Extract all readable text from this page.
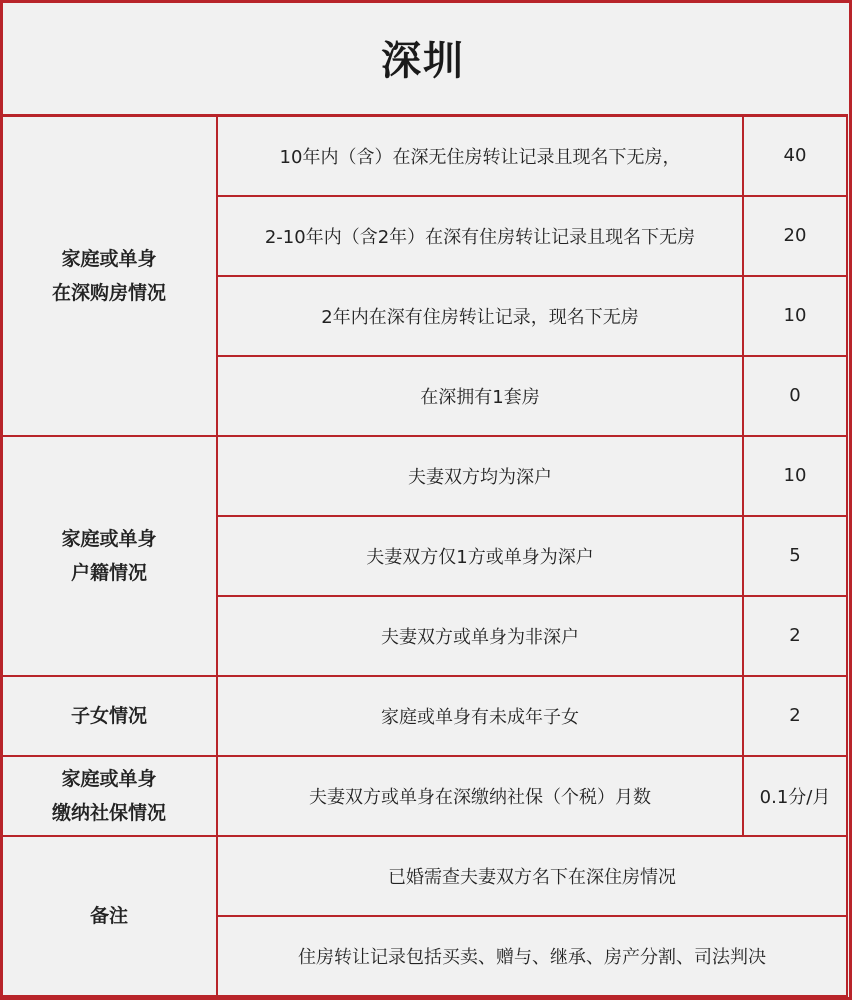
深圳
家庭或单身
在深购房情况	10年内（含）在深无住房转让记录且现名下无房，	40
	2-10年内（含2年）在深有住房转让记录且现名下无房	20
	2年内在深有住房转让记录，现名下无房	10
	在深拥有1套房	0

家庭或单身
户籍情况	夫妻双方均为深户	10
	夫妻双方仅1方或单身为深户	5
	夫妻双方或单身为非深户	2

子女情况	家庭或单身有未成年子女	2

家庭或单身
缴纳社保情况	夫妻双方或单身在深缴纳社保（个税）月数	0.1分/月

备注	已婚需查夫妻双方名下在深住房情况	
	住房转让记录包括买卖、赠与、继承、房产分割、司法判决	
